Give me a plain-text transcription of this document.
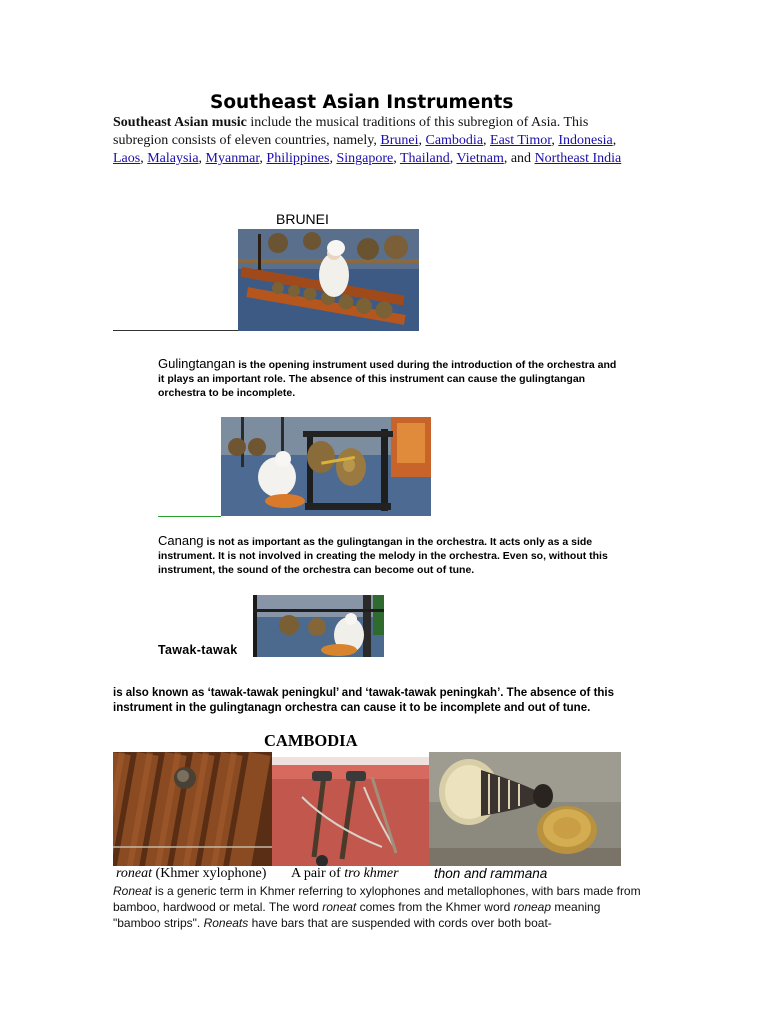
Southeast Asian Instruments
Southeast Asian music include the musical traditions of this subregion of Asia. This subregion consists of eleven countries, namely, Brunei, Cambodia, East Timor, Indonesia, Laos, Malaysia, Myanmar, Philippines, Singapore, Thailand, Vietnam, and Northeast India
BRUNEI
Gulingtangan is the opening instrument used during the introduction of the orchestra and it plays an important role. The absence of this instrument can cause the gulingtangan orchestra to be incomplete.
Canang is not as important as the gulingtangan in the orchestra. It acts only as a side instrument. It is not involved in creating the melody in the orchestra. Even so, without this instrument, the sound of the orchestra can become out of tune.
Tawak-tawak
is also known as ‘tawak-tawak peningkul’ and ‘tawak-tawak peningkah’. The absence of this instrument in the gulingtanagn orchestra can cause it to be incomplete and out of tune.
CAMBODIA
roneat (Khmer xylophone) A pair of tro khmer	thon and rammana
Roneat is a generic term in Khmer referring to xylophones and metallophones, with bars made from bamboo, hardwood or metal. The word roneat comes from the Khmer word roneap meaning "bamboo strips". Roneats have bars that are suspended with cords over both boat-
